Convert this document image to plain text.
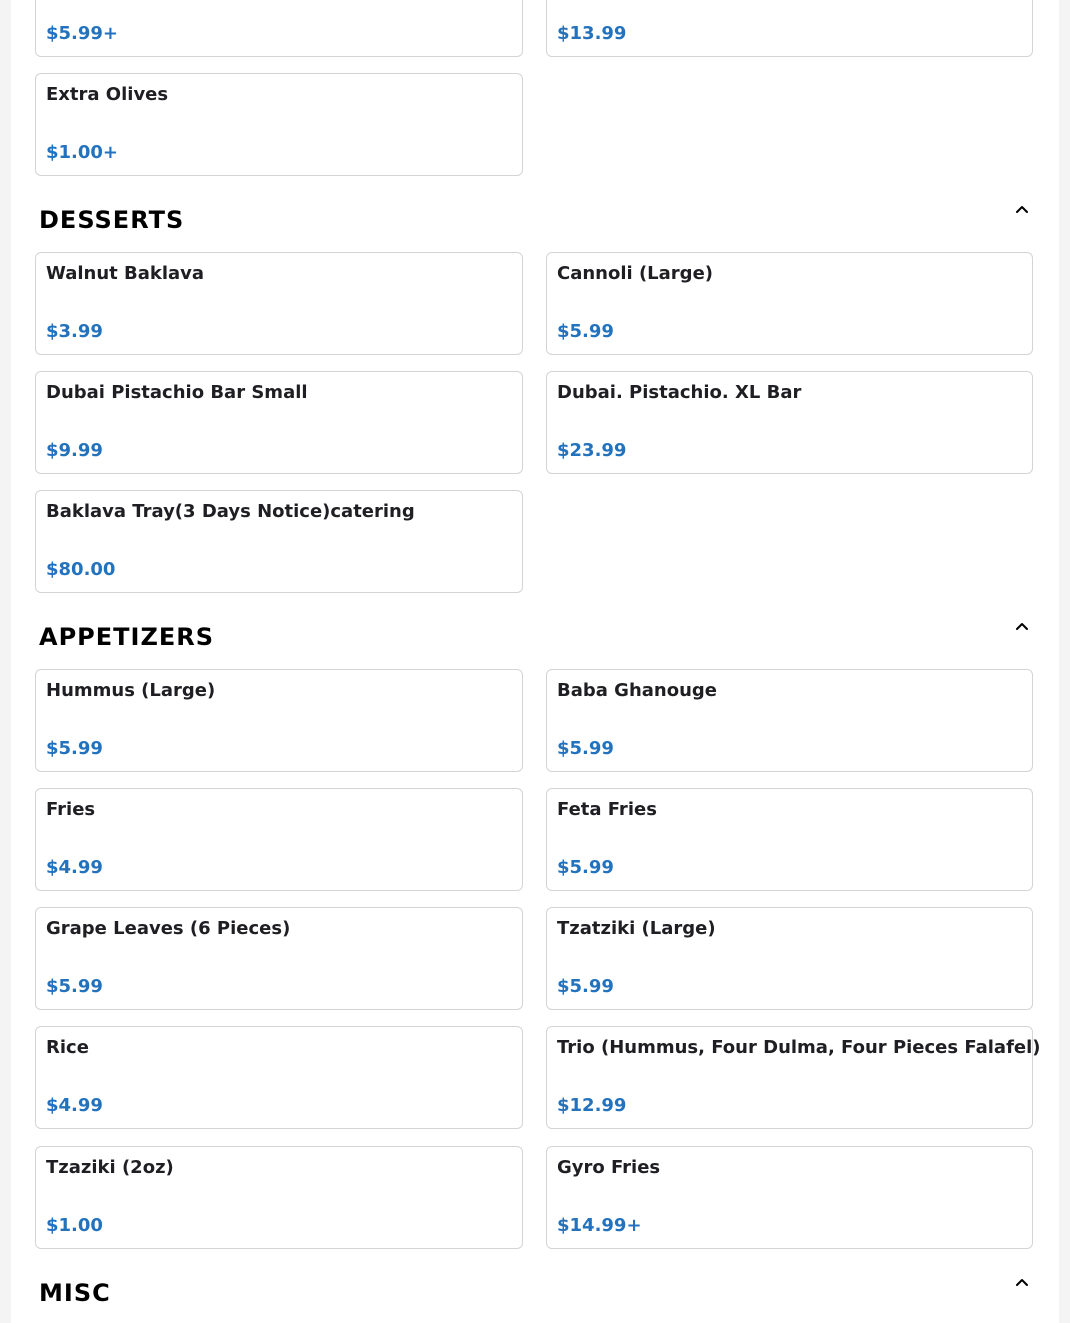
$5.99+	$13.99
Extra Olives
$1.00+
DESSERTS
Walnut Baklava
$3.99
Cannoli (Large)
$5.99
Dubai Pistachio Bar Small
$9.99
Dubai. Pistachio. XL Bar
$23.99
Baklava Tray(3 Days Notice)catering
$80.00
APPETIZERS
Hummus (Large)
$5.99
Baba Ghanouge
$5.99
Fries
$4.99
Feta Fries
$5.99
Grape Leaves (6 Pieces)
$5.99
Tzatziki (Large)
$5.99
Rice
$4.99
Trio (Hummus, Four Dulma, Four Pieces Falafel)
$12.99
Tzaziki (2oz)
$1.00
Gyro Fries
$14.99+
MISC
